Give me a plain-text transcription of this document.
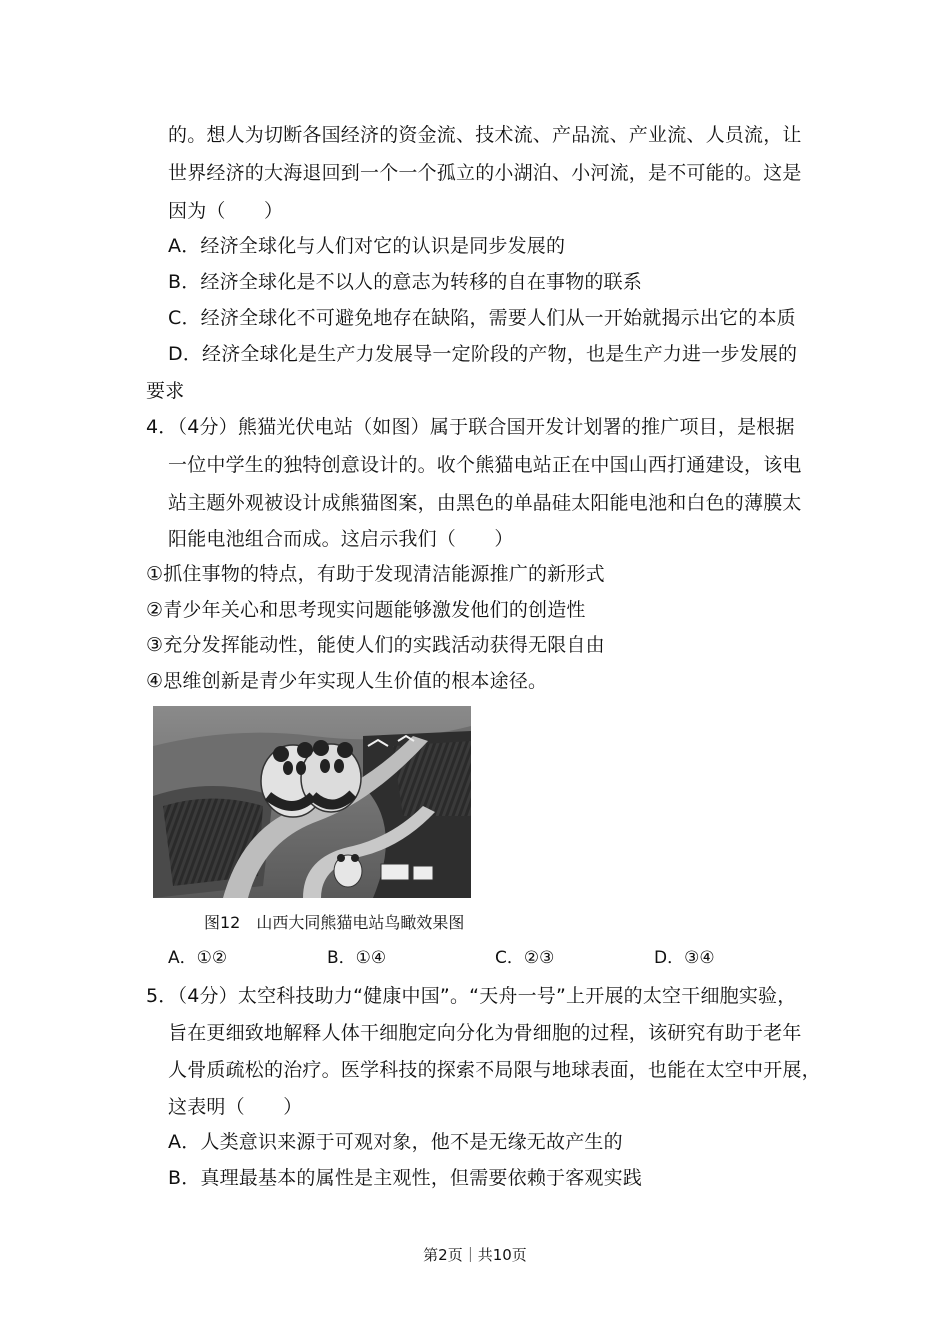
的。想人为切断各国经济的资金流、技术流、产品流、产业流、人员流，让
世界经济的大海退回到一个一个孤立的小湖泊、小河流，是不可能的。这是
因为（　　）
A．经济全球化与人们对它的认识是同步发展的
B．经济全球化是不以人的意志为转移的自在事物的联系
C．经济全球化不可避免地存在缺陷，需要人们从一开始就揭示出它的本质
D．经济全球化是生产力发展导一定阶段的产物，也是生产力进一步发展的
要求
4．（4分）熊猫光伏电站（如图）属于联合国开发计划署的推广项目，是根据
一位中学生的独特创意设计的。收个熊猫电站正在中国山西打通建设，该电
站主题外观被设计成熊猫图案，由黑色的单晶硅太阳能电池和白色的薄膜太
阳能电池组合而成。这启示我们（　　）
①抓住事物的特点，有助于发现清洁能源推广的新形式
②青少年关心和思考现实问题能够激发他们的创造性
③充分发挥能动性，能使人们的实践活动获得无限自由
④思维创新是青少年实现人生价值的根本途径。
图12　山西大同熊猫电站鸟瞰效果图
A．①②	B．①④	C．②③	D．③④
5．（4分）太空科技助力“健康中国”。“天舟一号”上开展的太空干细胞实验，
旨在更细致地解释人体干细胞定向分化为骨细胞的过程，该研究有助于老年
人骨质疏松的治疗。医学科技的探索不局限与地球表面，也能在太空中开展，
这表明（　　）
A．人类意识来源于可观对象，他不是无缘无故产生的
B．真理最基本的属性是主观性，但需要依赖于客观实践
第2页｜共10页
